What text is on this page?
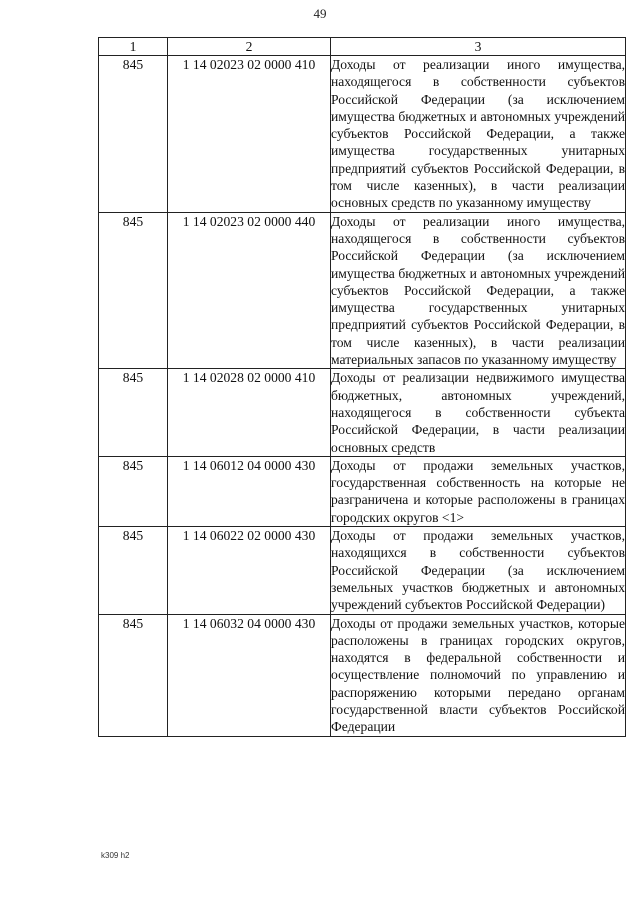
49
1	2	3
845	1 14 02023 02 0000 410	Доходы от реализации иного имущества, находящегося в собственности субъектов Российской Федерации (за исключением имущества бюджетных и автономных учреждений субъектов Российской Федерации, а также имущества государственных унитарных предприятий субъектов Российской Федерации, в том числе казенных), в части реализации основных средств по указанному имуществу
845	1 14 02023 02 0000 440	Доходы от реализации иного имущества, находящегося в собственности субъектов Российской Федерации (за исключением имущества бюджетных и автономных учреждений субъектов Российской Федерации, а также имущества государственных унитарных предприятий субъектов Российской Федерации, в том числе казенных), в части реализации материальных запасов по указанному имуществу
845	1 14 02028 02 0000 410	Доходы от реализации недвижимого имущества бюджетных, автономных учреждений, находящегося в собственности субъекта Российской Федерации, в части реализации основных средств
845	1 14 06012 04 0000 430	Доходы от продажи земельных участков, государственная собственность на которые не разграничена и которые расположены в границах городских округов <1>
845	1 14 06022 02 0000 430	Доходы от продажи земельных участков, находящихся в собственности субъектов Российской Федерации (за исключением земельных участков бюджетных и автономных учреждений субъектов Российской Федерации)
845	1 14 06032 04 0000 430	Доходы от продажи земельных участков, которые расположены в границах городских округов, находятся в федеральной собственности и осуществление полномочий по управлению и распоряжению которыми передано органам государственной власти субъектов Российской Федерации
k309 h2
